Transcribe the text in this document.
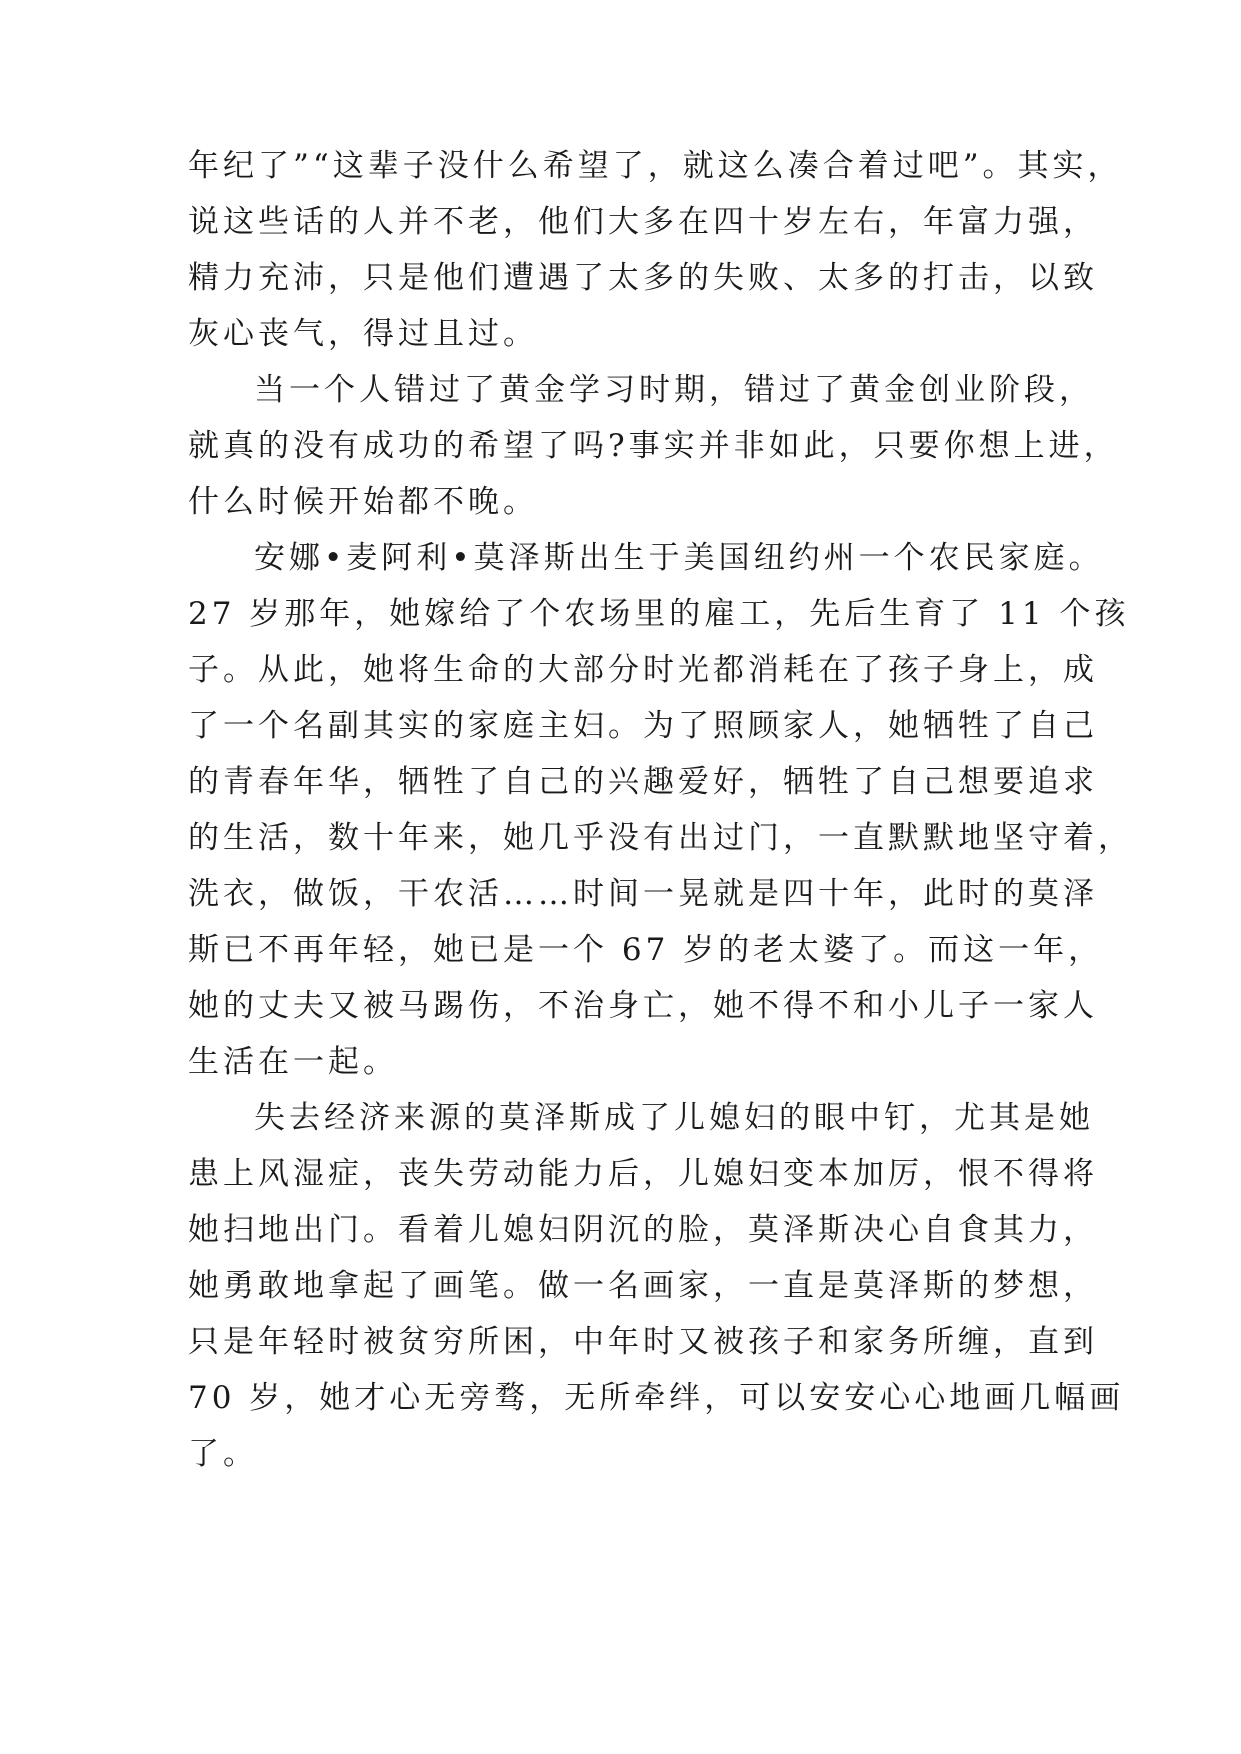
年纪了”“这辈子没什么希望了，就这么凑合着过吧”。其实，
说这些话的人并不老，他们大多在四十岁左右，年富力强，
精力充沛，只是他们遭遇了太多的失败、太多的打击，以致
灰心丧气，得过且过。
当一个人错过了黄金学习时期，错过了黄金创业阶段，
就真的没有成功的希望了吗?事实并非如此，只要你想上进，
什么时候开始都不晚。
安娜•麦阿利•莫泽斯出生于美国纽约州一个农民家庭。
27 岁那年，她嫁给了个农场里的雇工，先后生育了 11 个孩
子。从此，她将生命的大部分时光都消耗在了孩子身上，成
了一个名副其实的家庭主妇。为了照顾家人，她牺牲了自己
的青春年华，牺牲了自己的兴趣爱好，牺牲了自己想要追求
的生活，数十年来，她几乎没有出过门，一直默默地坚守着，
洗衣，做饭，干农活……时间一晃就是四十年，此时的莫泽
斯已不再年轻，她已是一个 67 岁的老太婆了。而这一年，
她的丈夫又被马踢伤，不治身亡，她不得不和小儿子一家人
生活在一起。
失去经济来源的莫泽斯成了儿媳妇的眼中钉，尤其是她
患上风湿症，丧失劳动能力后，儿媳妇变本加厉，恨不得将
她扫地出门。看着儿媳妇阴沉的脸，莫泽斯决心自食其力，
她勇敢地拿起了画笔。做一名画家，一直是莫泽斯的梦想，
只是年轻时被贫穷所困，中年时又被孩子和家务所缠，直到
70 岁，她才心无旁骛，无所牵绊，可以安安心心地画几幅画
了。
